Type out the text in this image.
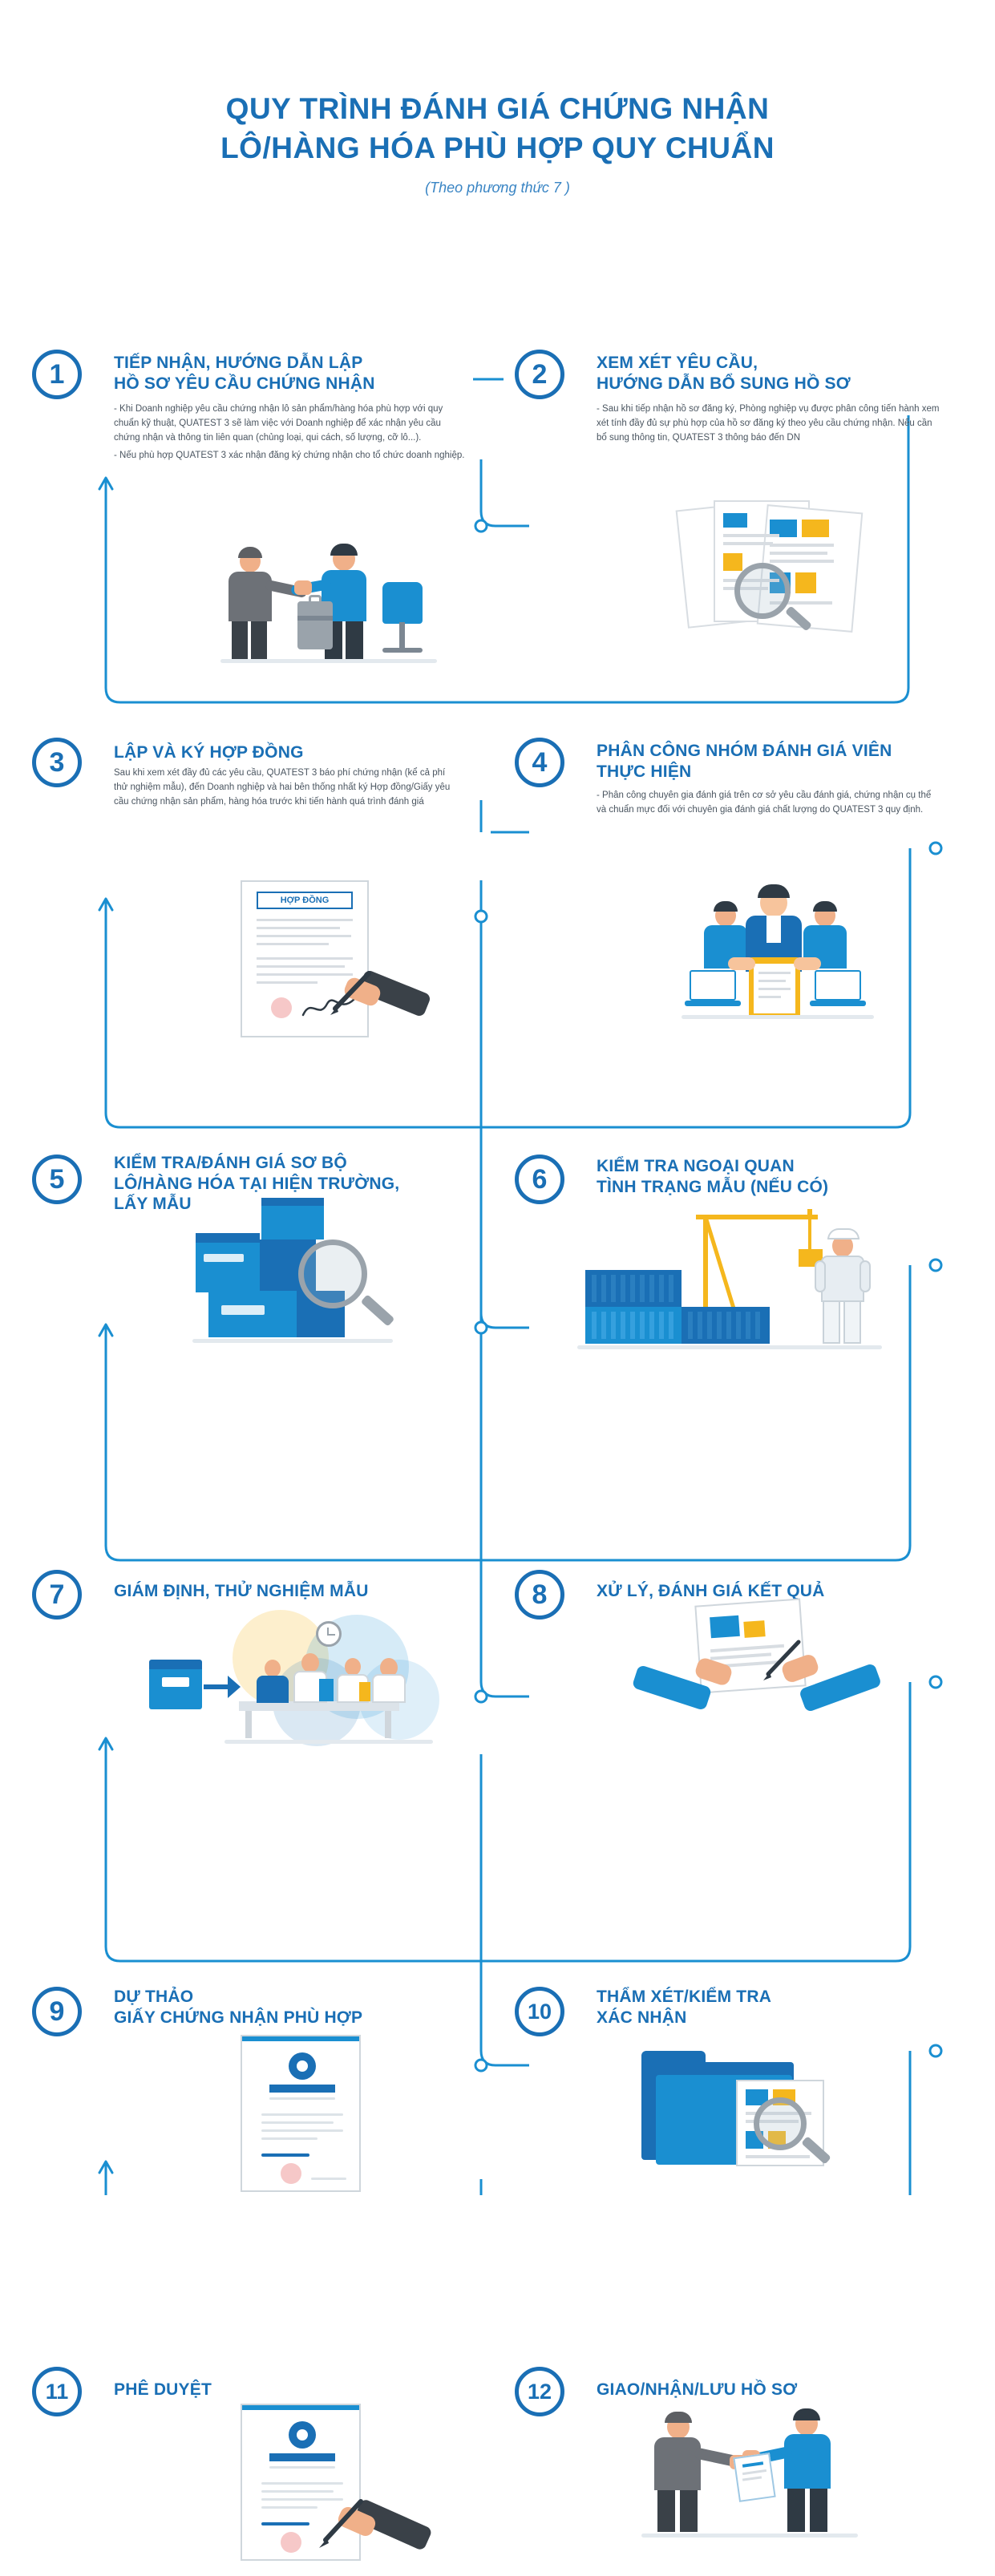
QUY TRÌNH ĐÁNH GIÁ CHỨNG NHẬN
LÔ/HÀNG HÓA PHÙ HỢP QUY CHUẨN
(Theo phương thức 7 )
1	TIẾP NHẬN, HƯỚNG DẪN LẬP
HỒ SƠ YÊU CẦU CHỨNG NHẬN

- Khi Doanh nghiệp yêu cầu chứng nhận lô sản phẩm/hàng hóa phù hợp với quy chuẩn kỹ thuật, QUATEST 3 sẽ làm việc với Doanh nghiệp để xác nhận yêu cầu chứng nhận và thông tin liên quan (chủng loại, qui cách, số lượng, cỡ lô...).

- Nếu phù hợp QUATEST 3 xác nhận đăng ký chứng nhận cho tổ chức doanh nghiệp.

2	XEM XÉT YÊU CẦU,
HƯỚNG DẪN BỔ SUNG HỒ SƠ

- Sau khi tiếp nhận hồ sơ đăng ký, Phòng nghiệp vụ được phân công tiến hành xem xét tính đầy đủ sự phù hợp của hồ sơ đăng ký theo yêu cầu chứng nhận. Nếu cần bổ sung thông tin, QUATEST 3 thông báo đến DN

3	LẬP VÀ KÝ HỢP ĐỒNG

Sau khi xem xét đầy đủ các yêu cầu, QUATEST 3 báo phí chứng nhận (kể cả phí thử nghiệm mẫu), đến Doanh nghiệp và hai bên thống nhất ký Hợp đồng/Giấy yêu cầu chứng nhận sản phẩm, hàng hóa trước khi tiến hành quá trình đánh giá

HỢP ĐỒNG
4	PHÂN CÔNG NHÓM ĐÁNH GIÁ VIÊN
THỰC HIỆN

- Phân công chuyên gia đánh giá trên cơ sở yêu cầu đánh giá, chứng nhận cụ thể và chuẩn mực đối với chuyên gia đánh giá chất lượng do QUATEST 3 quy định.

5
KIỂM TRA/ĐÁNH GIÁ SƠ BỘ
LÔ/HÀNG HÓA TẠI HIỆN TRƯỜNG,
LẤY MẪU
6	KIỂM TRA NGOẠI QUAN
TÌNH TRẠNG MẪU (NẾU CÓ)
7	GIÁM ĐỊNH, THỬ NGHIỆM MẪU	8	XỬ LÝ, ĐÁNH GIÁ KẾT QUẢ
9	DỰ THẢO
GIẤY CHỨNG NHẬN PHÙ HỢP	10
THẨM XÉT/KIỂM TRA
XÁC NHẬN
11	PHÊ DUYỆT	12	GIAO/NHẬN/LƯU HỒ SƠ
